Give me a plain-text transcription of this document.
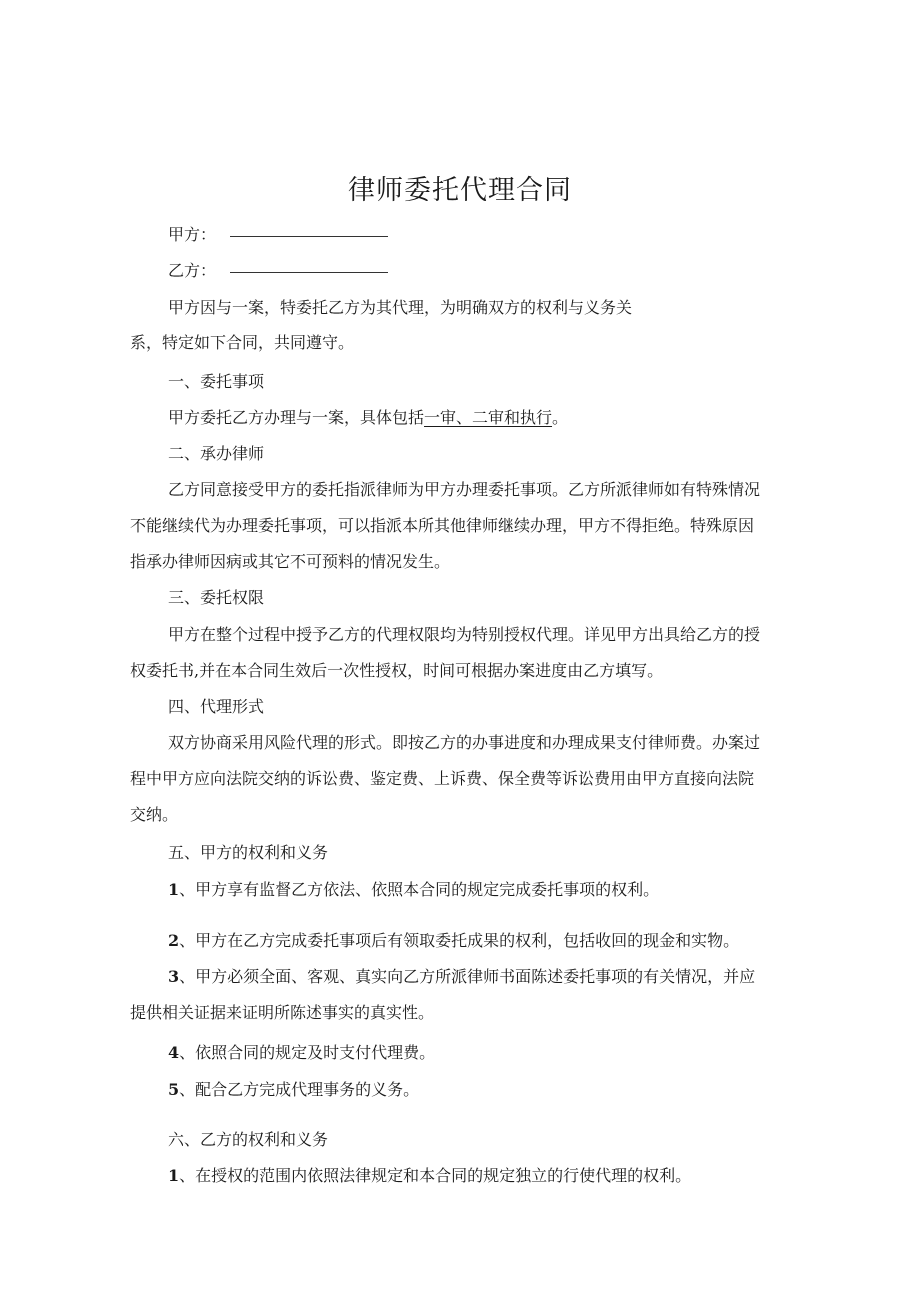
律师委托代理合同
甲方：
乙方：
甲方因与一案，特委托乙方为其代理，为明确双方的权利与义务关
系，特定如下合同，共同遵守。
一、委托事项
甲方委托乙方办理与一案，具体包括一审、二审和执行。
二、承办律师
乙方同意接受甲方的委托指派律师为甲方办理委托事项。乙方所派律师如有特殊情况
不能继续代为办理委托事项，可以指派本所其他律师继续办理，甲方不得拒绝。特殊原因
指承办律师因病或其它不可预料的情况发生。
三、委托权限
甲方在整个过程中授予乙方的代理权限均为特别授权代理。详见甲方出具给乙方的授
权委托书,并在本合同生效后一次性授权，时间可根据办案进度由乙方填写。
四、代理形式
双方协商采用风险代理的形式。即按乙方的办事进度和办理成果支付律师费。办案过
程中甲方应向法院交纳的诉讼费、鉴定费、上诉费、保全费等诉讼费用由甲方直接向法院
交纳。
五、甲方的权利和义务
1、甲方享有监督乙方依法、依照本合同的规定完成委托事项的权利。
2、甲方在乙方完成委托事项后有领取委托成果的权利，包括收回的现金和实物。
3、甲方必须全面、客观、真实向乙方所派律师书面陈述委托事项的有关情况，并应
提供相关证据来证明所陈述事实的真实性。
4、依照合同的规定及时支付代理费。
5、配合乙方完成代理事务的义务。
六、乙方的权利和义务
1、在授权的范围内依照法律规定和本合同的规定独立的行使代理的权利。
